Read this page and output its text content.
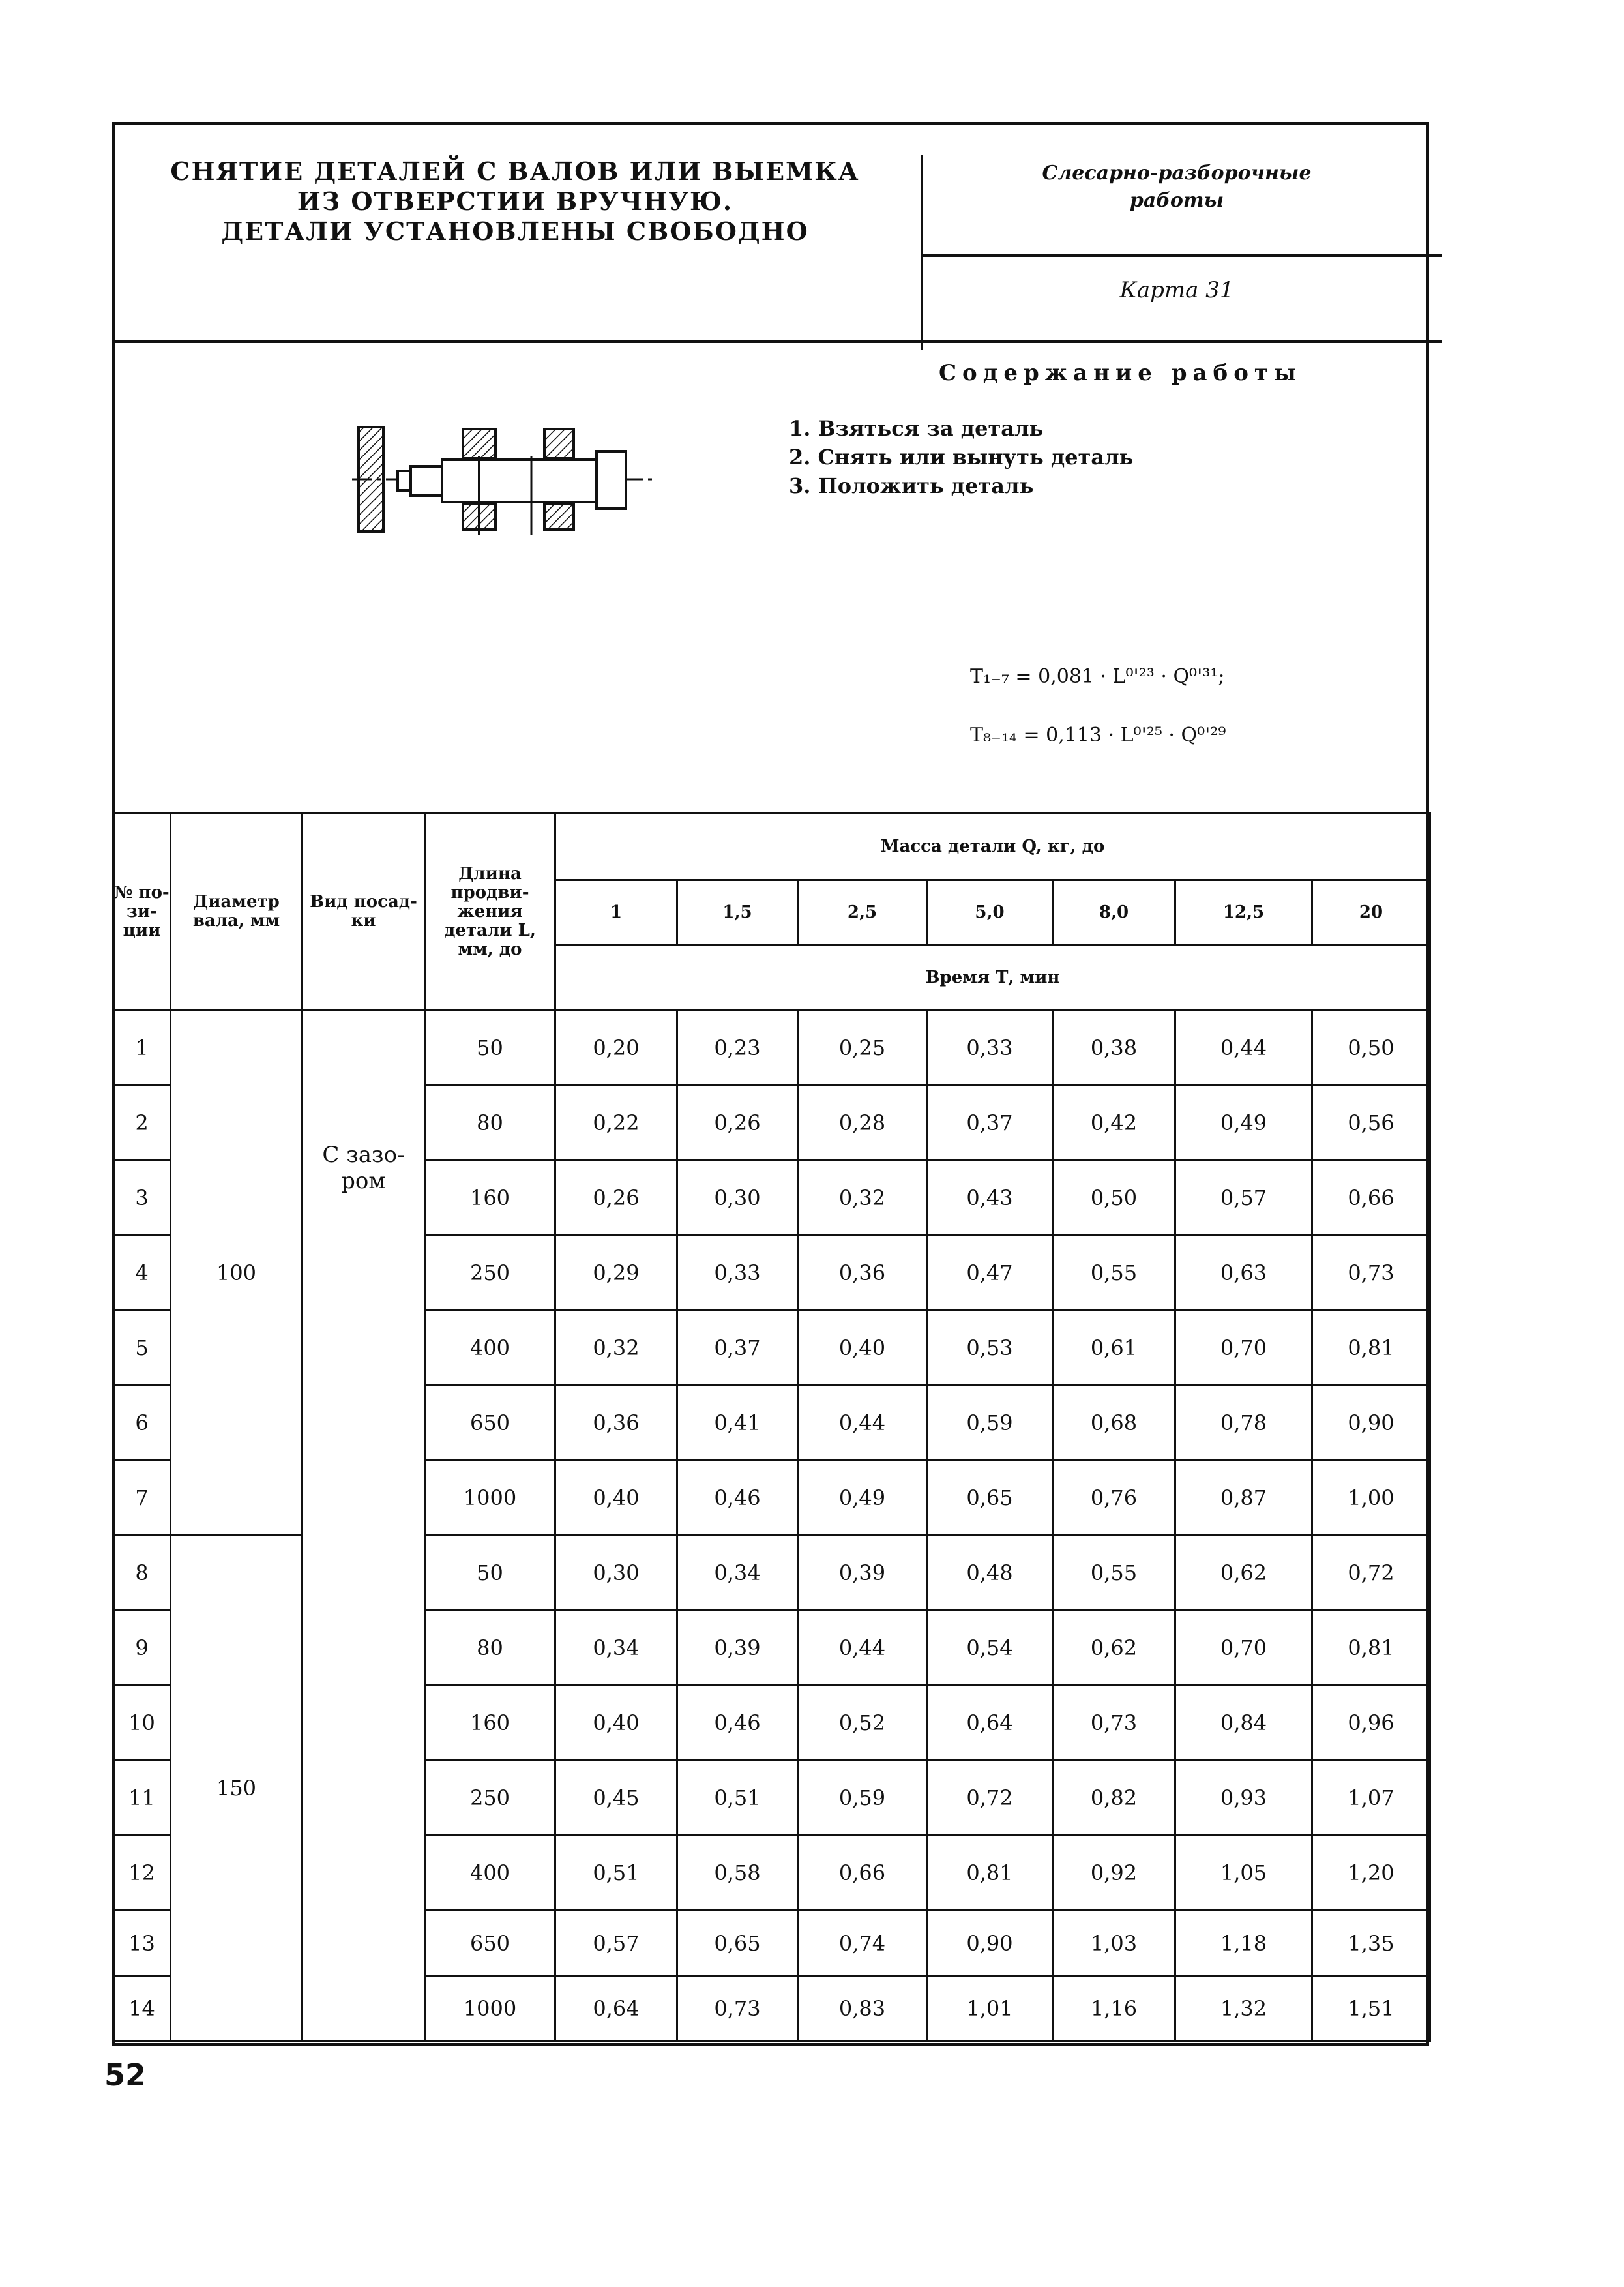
СНЯТИЕ ДЕТАЛЕЙ С ВАЛОВ ИЛИ ВЫЕМКА
ИЗ ОТВЕРСТИИ ВРУЧНУЮ.
ДЕТАЛИ УСТАНОВЛЕНЫ СВОБОДНО
Слесарно-разборочные
работы
Карта 31
Содержание работы
1. Взяться за деталь
2. Снять или вынуть деталь
3. Положить деталь
T₁₋₇ = 0,081 · L⁰'²³ · Q⁰'³¹;
T₈₋₁₄ = 0,113 · L⁰'²⁵ · Q⁰'²⁹
№ по-зи-ции	Диаметр вала, мм	Вид посад-ки	Длина продви-жения детали L, мм, до	Масса детали Q, кг, до						
				1	1,5	2,5	5,0	8,0	12,5	20
				Время Т, мин						
1	100	С зазо-ром	50	0,20	0,23	0,25	0,33	0,38	0,44	0,50
2			80	0,22	0,26	0,28	0,37	0,42	0,49	0,56
3			160	0,26	0,30	0,32	0,43	0,50	0,57	0,66
4			250	0,29	0,33	0,36	0,47	0,55	0,63	0,73
5			400	0,32	0,37	0,40	0,53	0,61	0,70	0,81
6			650	0,36	0,41	0,44	0,59	0,68	0,78	0,90
7			1000	0,40	0,46	0,49	0,65	0,76	0,87	1,00
8	150		50	0,30	0,34	0,39	0,48	0,55	0,62	0,72
9			80	0,34	0,39	0,44	0,54	0,62	0,70	0,81
10			160	0,40	0,46	0,52	0,64	0,73	0,84	0,96
11			250	0,45	0,51	0,59	0,72	0,82	0,93	1,07
12			400	0,51	0,58	0,66	0,81	0,92	1,05	1,20
13			650	0,57	0,65	0,74	0,90	1,03	1,18	1,35
14			1000	0,64	0,73	0,83	1,01	1,16	1,32	1,51
52
